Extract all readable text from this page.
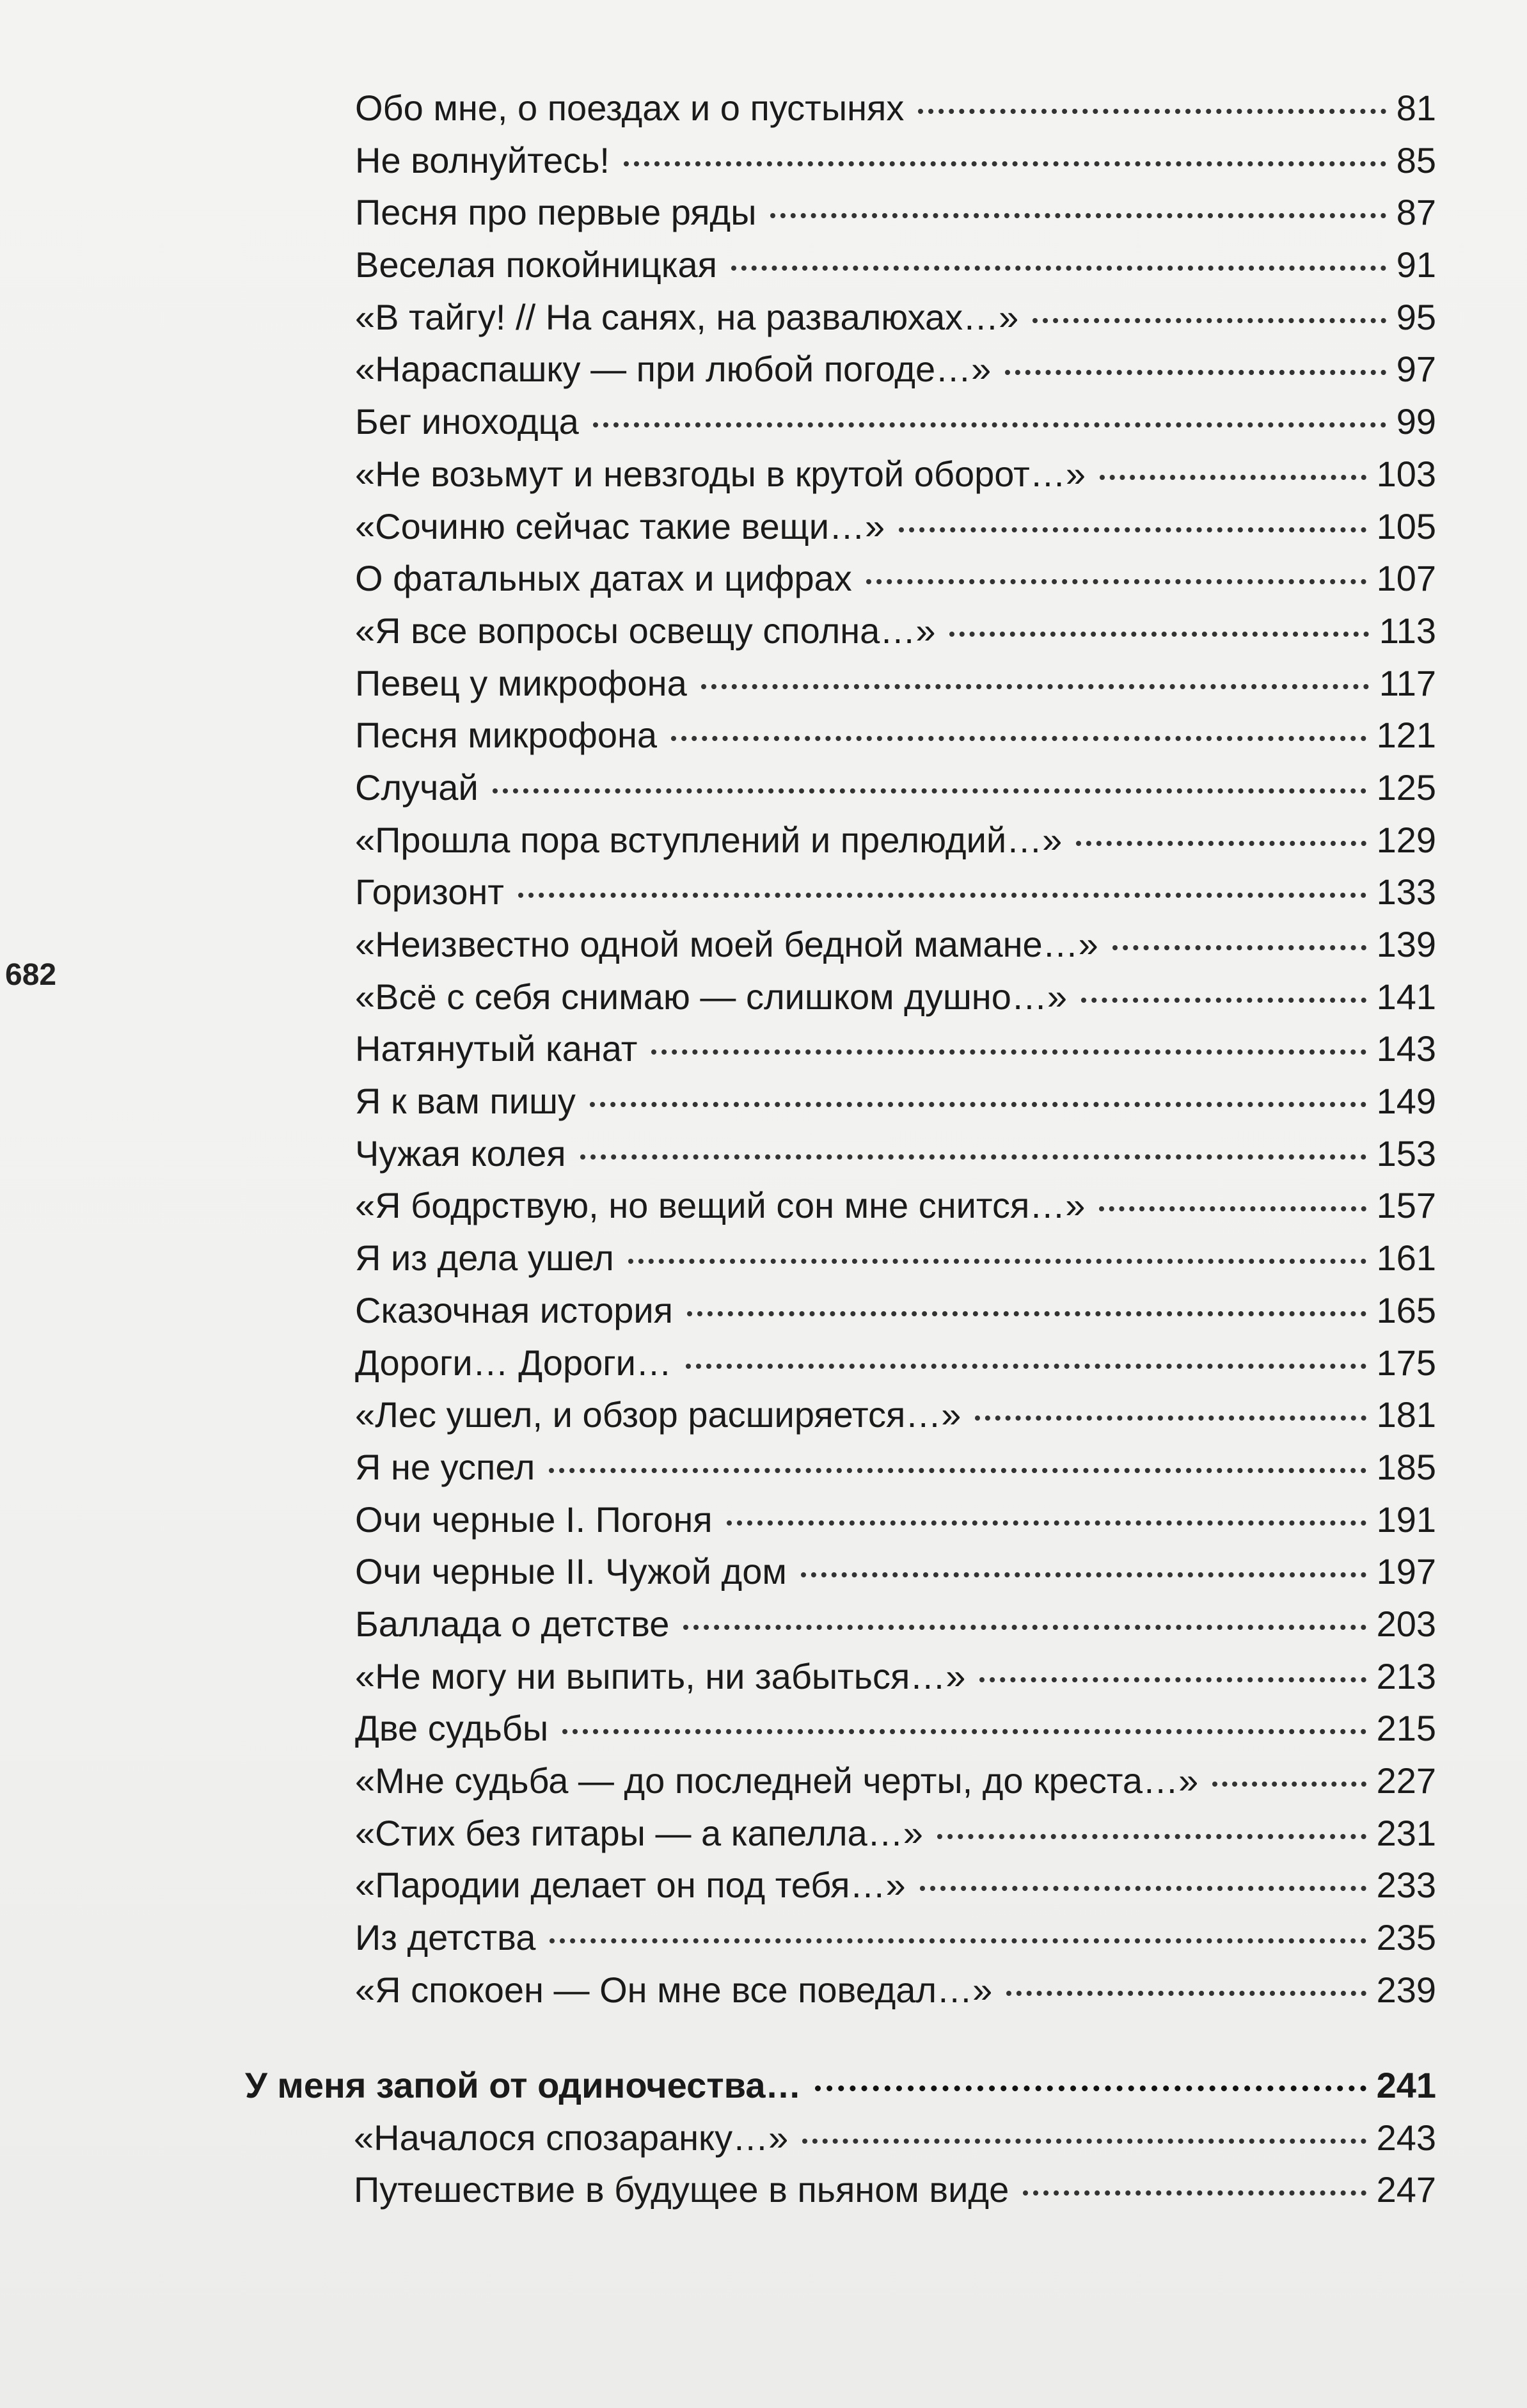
682
Обо мне, о поездах и о пустынях	81
Не волнуйтесь!	85
Песня про первые ряды	87
Веселая покойницкая	91
«В тайгу! // На санях, на развалюхах…»	95
«Нараспашку — при любой погоде…»	97
Бег иноходца	99
«Не возьмут и невзгоды в крутой оборот…»	103
«Сочиню сейчас такие вещи…»	105
О фатальных датах и цифрах	107
«Я все вопросы освещу сполна…»	113
Певец у микрофона	117
Песня микрофона	121
Случай	125
«Прошла пора вступлений и прелюдий…»	129
Горизонт	133
«Неизвестно одной моей бедной мамане…»	139
«Всё с себя снимаю — слишком душно…»	141
Натянутый канат	143
Я к вам пишу	149
Чужая колея	153
«Я бодрствую, но вещий сон мне снится…»	157
Я из дела ушел	161
Сказочная история	165
Дороги… Дороги…	175
«Лес ушел, и обзор расширяется…»	181
Я не успел	185
Очи черные I. Погоня	191
Очи черные II. Чужой дом	197
Баллада о детстве	203
«Не могу ни выпить, ни забыться…»	213
Две судьбы	215
«Мне судьба — до последней черты, до креста…»	227
«Стих без гитары — а капелла…»	231
«Пародии делает он под тебя…»	233
Из детства	235
«Я спокоен — Он мне все поведал…»	239
У меня запой от одиночества…	241
«Началося спозаранку…»	243
Путешествие в будущее в пьяном виде	247
